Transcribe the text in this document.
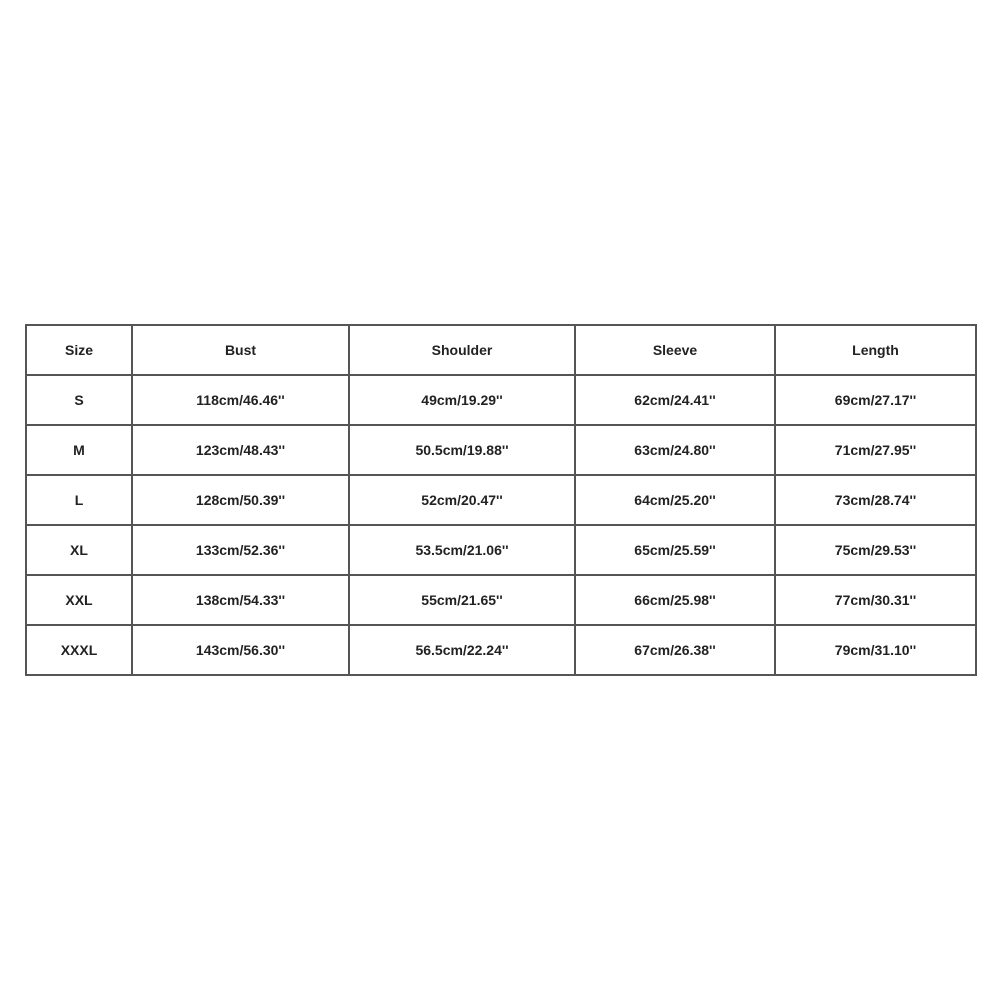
Size	Bust	Shoulder	Sleeve	Length
S	118cm/46.46''	49cm/19.29''	62cm/24.41''	69cm/27.17''
M	123cm/48.43''	50.5cm/19.88''	63cm/24.80''	71cm/27.95''
L	128cm/50.39''	52cm/20.47''	64cm/25.20''	73cm/28.74''
XL	133cm/52.36''	53.5cm/21.06''	65cm/25.59''	75cm/29.53''
XXL	138cm/54.33''	55cm/21.65''	66cm/25.98''	77cm/30.31''
XXXL	143cm/56.30''	56.5cm/22.24''	67cm/26.38''	79cm/31.10''
